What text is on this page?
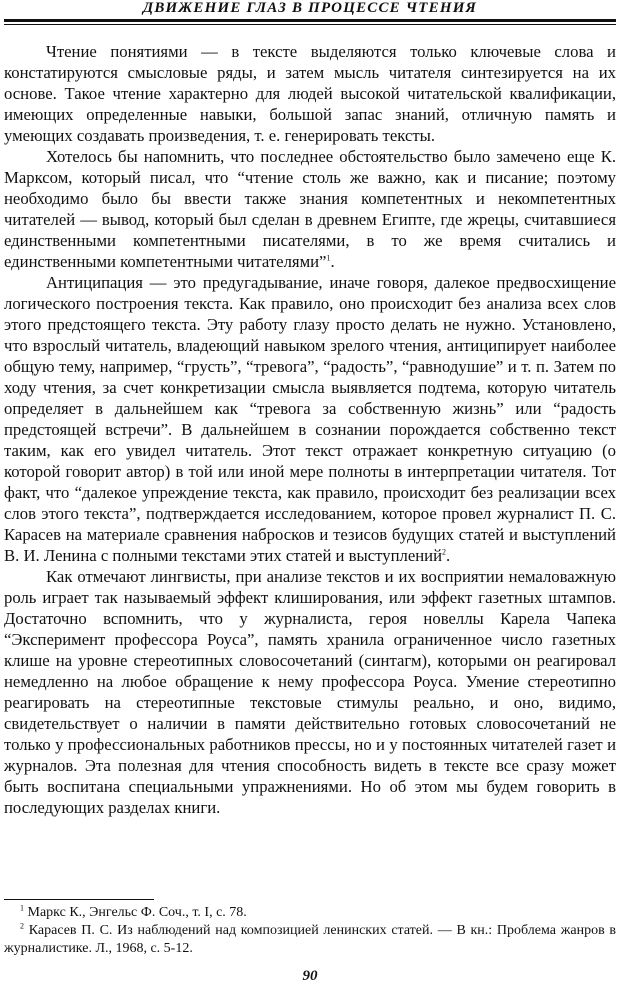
ДВИЖЕНИЕ ГЛАЗ В ПРОЦЕССЕ ЧТЕНИЯ

Чтение понятиями — в тексте выделяются только ключевые слова и констатируются смысловые ряды, и затем мысль читателя синтезируется на их основе. Такое чтение характерно для людей высокой читательской квалификации, имеющих определенные навыки, большой запас знаний, отличную память и умеющих создавать произведения, т. е. генерировать тексты.

Хотелось бы напомнить, что последнее обстоятельство было замечено еще К. Марксом, который писал, что “чтение столь же важно, как и писание; поэтому необходимо было бы ввести также знания компетентных и некомпетентных читателей — вывод, который был сделан в древнем Египте, где жрецы, считавшиеся единственными компетентными писателями, в то же время считались и единственными компетентными читателями”$^1$.

Антиципация — это предугадывание, иначе говоря, далекое предвосхищение логического построения текста. Как правило, оно происходит без анализа всех слов этого предстоящего текста. Эту работу глазу просто делать не нужно. Установлено, что взрослый читатель, владеющий навыком зрелого чтения, антиципирует наиболее общую тему, например, “грусть”, “тревога”, “радость”, “равнодушие” и т. п. Затем по ходу чтения, за счет конкретизации смысла выявляется подтема, которую читатель определяет в дальнейшем как “тревога за собственную жизнь” или “радость предстоящей встречи”. В дальнейшем в сознании порождается собственно текст таким, как его увидел читатель. Этот текст отражает конкретную ситуацию (о которой говорит автор) в той или иной мере полноты в интерпретации читателя. Тот факт, что “далекое упреждение текста, как правило, происходит без реализации всех слов этого текста”, подтверждается исследованием, которое провел журналист П. С. Карасев на материале сравнения набросков и тезисов будущих статей и выступлений В. И. Ленина с полными текстами этих статей и выступлений$^2$.

Как отмечают лингвисты, при анализе текстов и их восприятии немаловажную роль играет так называемый эффект клиширования, или эффект газетных штампов. Достаточно вспомнить, что у журналиста, героя новеллы Карела Чапека “Эксперимент профессора Роуса”, память хранила ограниченное число газетных клише на уровне стереотипных словосочетаний (синтагм), которыми он реагировал немедленно на любое обращение к нему профессора Роуса. Умение стереотипно реагировать на стереотипные текстовые стимулы реально, и оно, видимо, свидетельствует о наличии в памяти действительно готовых словосочетаний не только у профессиональных работников прессы, но и у постоянных читателей газет и журналов. Эта полезная для чтения способность видеть в тексте все сразу может быть воспитана специальными упражнениями. Но об этом мы будем говорить в последующих разделах книги.

$^1$ Маркс К., Энгельс Ф. Соч., т. I, с. 78.

$^2$ Карасев П. С. Из наблюдений над композицией ленинских статей. — В кн.: Проблема жанров в журналистике. Л., 1968, с. 5-12.

90
